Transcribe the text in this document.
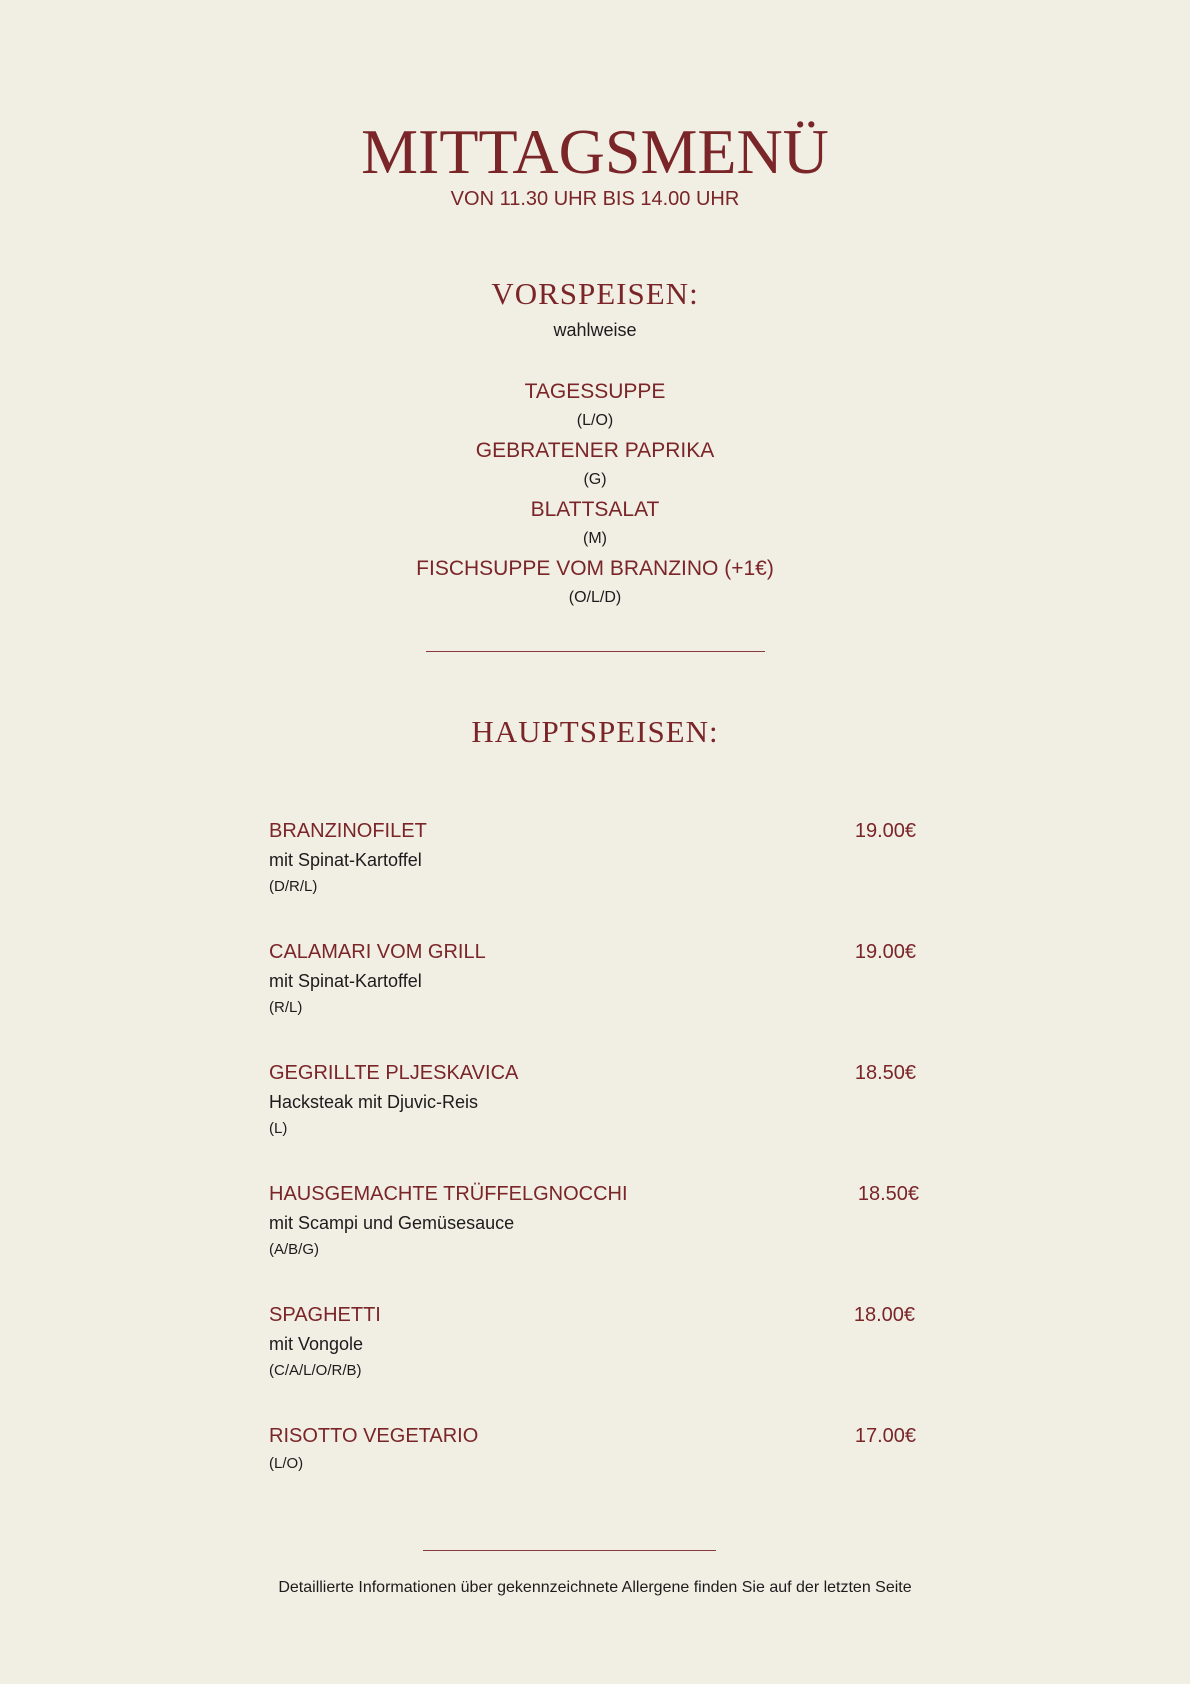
MITTAGSMENÜ
VON 11.30 UHR BIS 14.00 UHR
VORSPEISEN:
wahlweise
TAGESSUPPE
(L/O)
GEBRATENER PAPRIKA
(G)
BLATTSALAT
(M)
FISCHSUPPE VOM BRANZINO (+1€)
(O/L/D)
HAUPTSPEISEN:
BRANZINOFILET	19.00€
mit Spinat-Kartoffel
(D/R/L)
CALAMARI VOM GRILL	19.00€
mit Spinat-Kartoffel
(R/L)
GEGRILLTE PLJESKAVICA	18.50€
Hacksteak mit Djuvic-Reis
(L)
HAUSGEMACHTE TRÜFFELGNOCCHI	18.50€
mit Scampi und Gemüsesauce
(A/B/G)
SPAGHETTI	18.00€
mit Vongole
(C/A/L/O/R/B)
RISOTTO VEGETARIO	17.00€
(L/O)
Detaillierte Informationen über gekennzeichnete Allergene finden Sie auf der letzten Seite
